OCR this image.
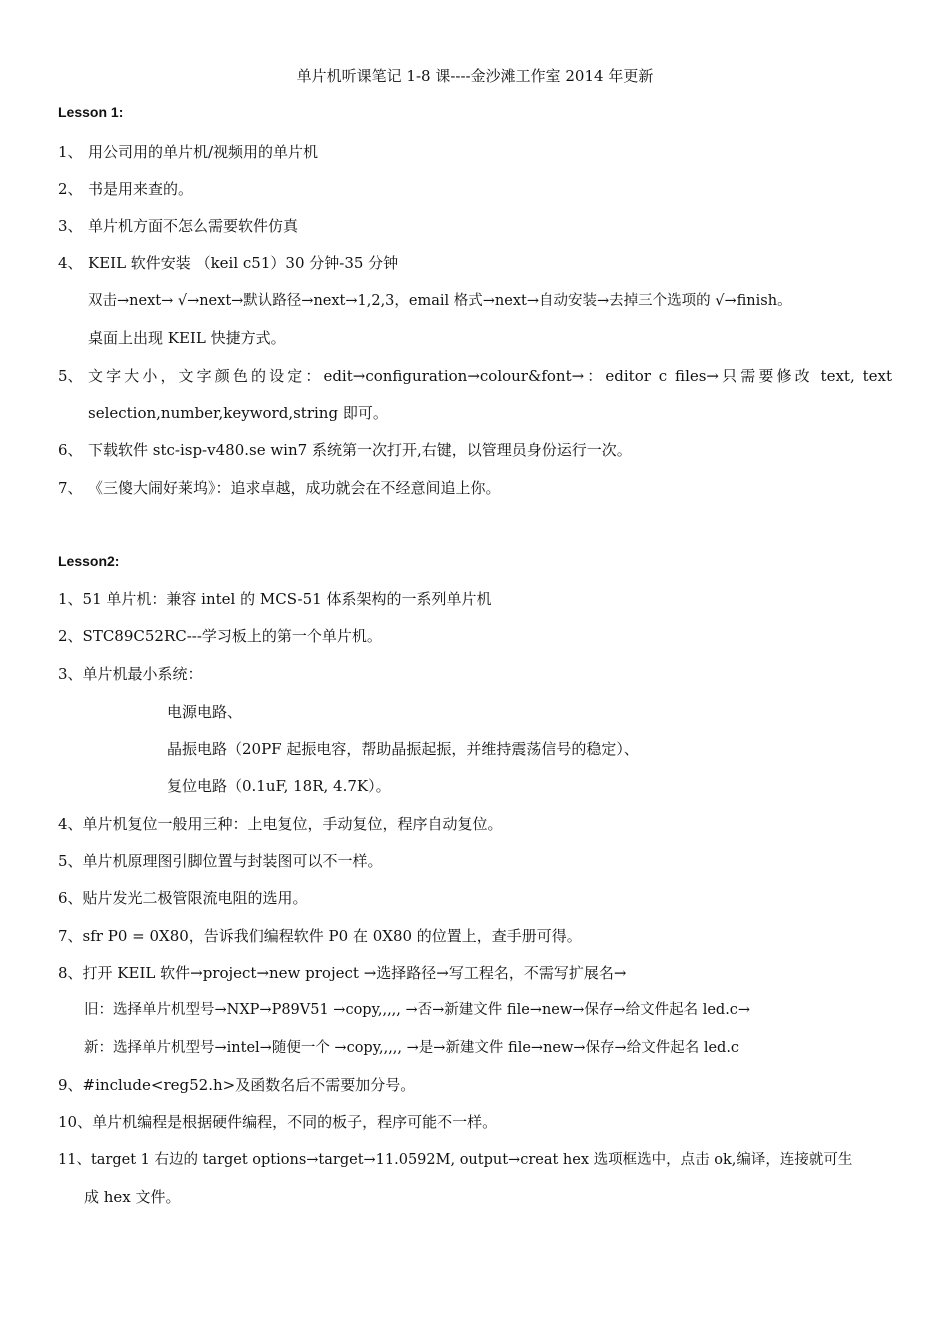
单片机听课笔记 1-8 课----金沙滩工作室 2014 年更新
Lesson 1:
1、 用公司用的单片机/视频用的单片机
2、 书是用来查的。
3、 单片机方面不怎么需要软件仿真
4、 KEIL 软件安装 （keil c51）30 分钟-35 分钟
双击→next→ √→next→默认路径→next→1,2,3，email 格式→next→自动安装→去掉三个选项的 √→finish。
桌面上出现 KEIL 快捷方式。
5、 文字大小，文字颜色的设定：edit→configuration→colour&font→：editor c files→只需要修改 text, text
selection,number,keyword,string 即可。
6、 下载软件 stc-isp-v480.se win7 系统第一次打开,右键，以管理员身份运行一次。
7、 《三傻大闹好莱坞》：追求卓越，成功就会在不经意间追上你。
Lesson2:
1、51 单片机：兼容 intel 的 MCS-51 体系架构的一系列单片机
2、STC89C52RC---学习板上的第一个单片机。
3、单片机最小系统：
电源电路、
晶振电路（20PF 起振电容，帮助晶振起振，并维持震荡信号的稳定）、
复位电路（0.1uF, 18R, 4.7K）。
4、单片机复位一般用三种：上电复位，手动复位，程序自动复位。
5、单片机原理图引脚位置与封装图可以不一样。
6、贴片发光二极管限流电阻的选用。
7、sfr P0 = 0X80，告诉我们编程软件 P0 在 0X80 的位置上，查手册可得。
8、打开 KEIL 软件→project→new project →选择路径→写工程名，不需写扩展名→
旧：选择单片机型号→NXP→P89V51 →copy,,,,, →否→新建文件 file→new→保存→给文件起名 led.c→
新：选择单片机型号→intel→随便一个 →copy,,,,, →是→新建文件 file→new→保存→给文件起名 led.c
9、#include<reg52.h>及函数名后不需要加分号。
10、单片机编程是根据硬件编程，不同的板子，程序可能不一样。
11、target 1 右边的 target options→target→11.0592M, output→creat hex 选项框选中，点击 ok,编译，连接就可生
成 hex 文件。
